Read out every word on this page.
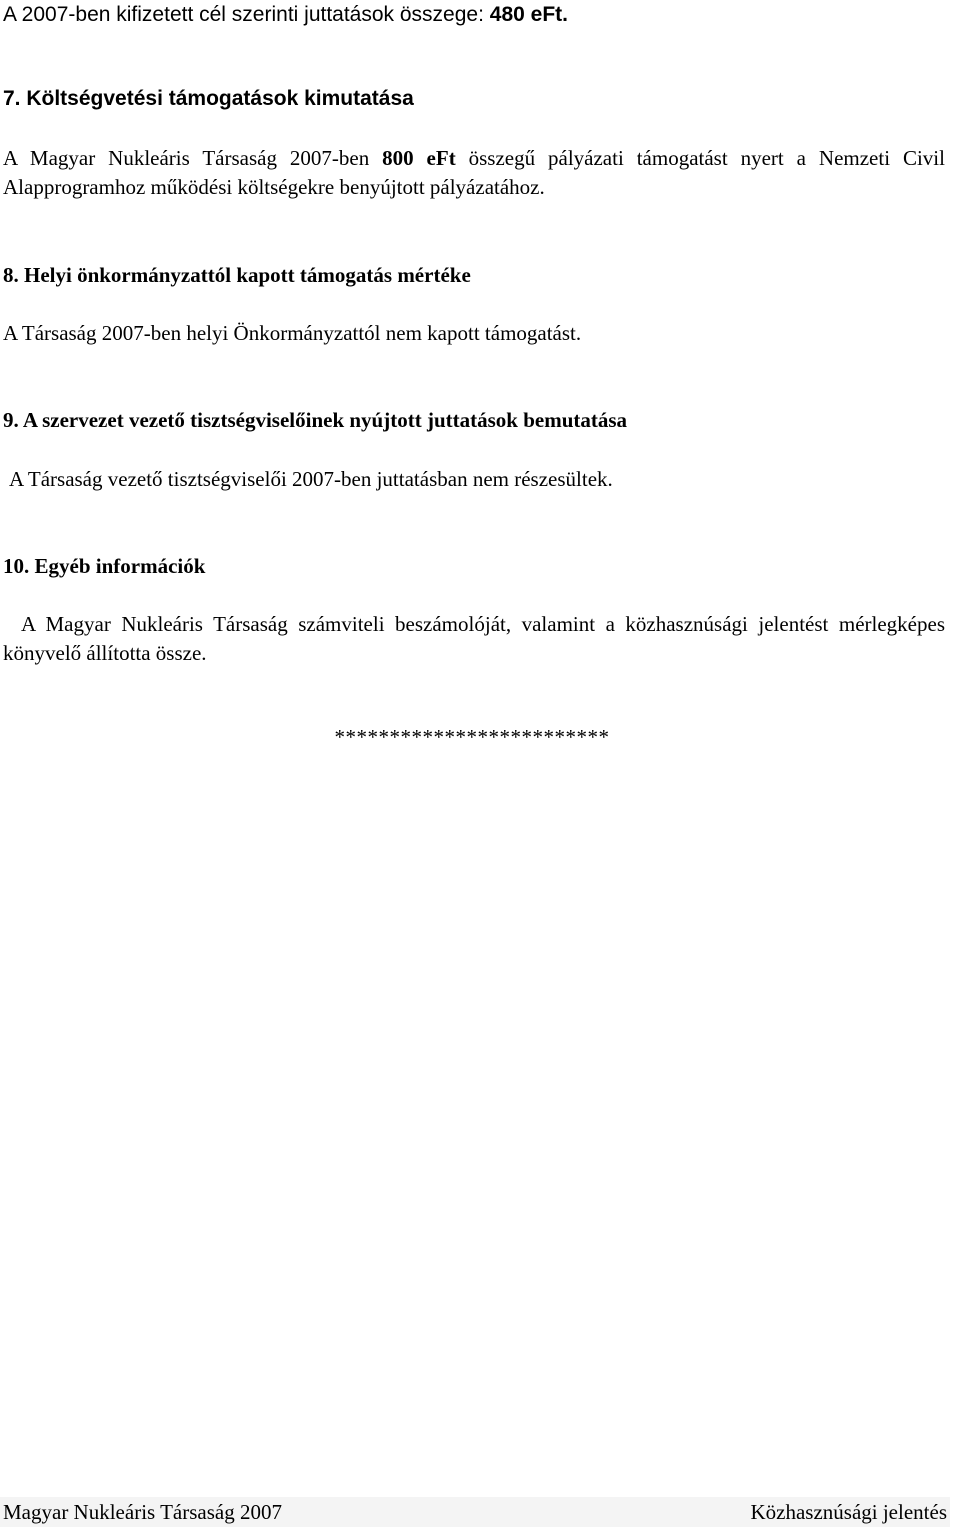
A 2007-ben kifizetett cél szerinti juttatások összege: 480 eFt.
7. Költségvetési támogatások kimutatása
A Magyar Nukleáris Társaság 2007-ben 800 eFt összegű pályázati támogatást nyert a Nemzeti Civil Alapprogramhoz működési költségekre benyújtott pályázatához.
8. Helyi önkormányzattól kapott támogatás mértéke
A Társaság 2007-ben helyi Önkormányzattól nem kapott támogatást.
9. A szervezet vezető tisztségviselőinek nyújtott juttatások bemutatása
A Társaság vezető tisztségviselői 2007-ben juttatásban nem részesültek.
10. Egyéb információk
A Magyar Nukleáris Társaság számviteli beszámolóját, valamint a közhasznúsági jelentést mérlegképes könyvelő állította össze.
*************************
Magyar Nukleáris Társaság 2007	Közhasznúsági jelentés
